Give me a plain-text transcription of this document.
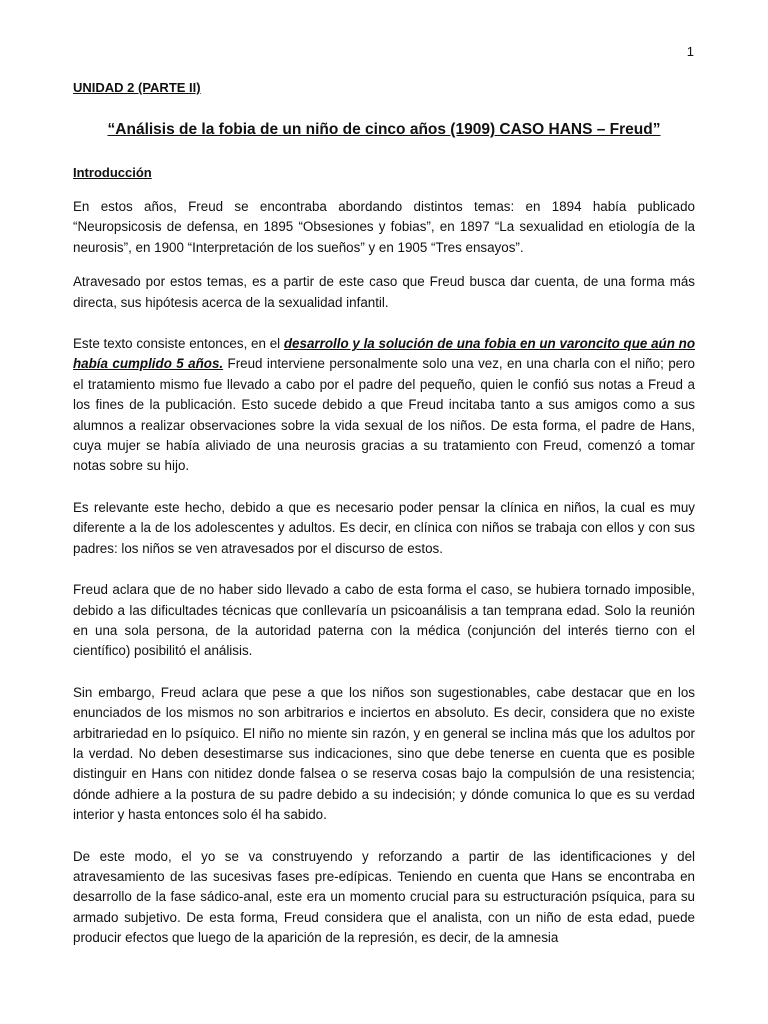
1
UNIDAD 2 (PARTE II)
“Análisis de la fobia de un niño de cinco años (1909) CASO HANS – Freud”
Introducción

En estos años, Freud se encontraba abordando distintos temas: en 1894 había publicado “Neuropsicosis de defensa, en 1895 “Obsesiones y fobias”, en 1897 “La sexualidad en etiología de la neurosis”, en 1900 “Interpretación de los sueños” y en 1905 “Tres ensayos”.

Atravesado por estos temas, es a partir de este caso que Freud busca dar cuenta, de una forma más directa, sus hipótesis acerca de la sexualidad infantil.

Este texto consiste entonces, en el desarrollo y la solución de una fobia en un varoncito que aún no había cumplido 5 años. Freud interviene personalmente solo una vez, en una charla con el niño; pero el tratamiento mismo fue llevado a cabo por el padre del pequeño, quien le confió sus notas a Freud a los fines de la publicación. Esto sucede debido a que Freud incitaba tanto a sus amigos como a sus alumnos a realizar observaciones sobre la vida sexual de los niños. De esta forma, el padre de Hans, cuya mujer se había aliviado de una neurosis gracias a su tratamiento con Freud, comenzó a tomar notas sobre su hijo.

Es relevante este hecho, debido a que es necesario poder pensar la clínica en niños, la cual es muy diferente a la de los adolescentes y adultos. Es decir, en clínica con niños se trabaja con ellos y con sus padres: los niños se ven atravesados por el discurso de estos.

Freud aclara que de no haber sido llevado a cabo de esta forma el caso, se hubiera tornado imposible, debido a las dificultades técnicas que conllevaría un psicoanálisis a tan temprana edad. Solo la reunión en una sola persona, de la autoridad paterna con la médica (conjunción del interés tierno con el científico) posibilitó el análisis.

Sin embargo, Freud aclara que pese a que los niños son sugestionables, cabe destacar que en los enunciados de los mismos no son arbitrarios e inciertos en absoluto. Es decir, considera que no existe arbitrariedad en lo psíquico. El niño no miente sin razón, y en general se inclina más que los adultos por la verdad. No deben desestimarse sus indicaciones, sino que debe tenerse en cuenta que es posible distinguir en Hans con nitidez donde falsea o se reserva cosas bajo la compulsión de una resistencia; dónde adhiere a la postura de su padre debido a su indecisión; y dónde comunica lo que es su verdad interior y hasta entonces solo él ha sabido.

De este modo, el yo se va construyendo y reforzando a partir de las identificaciones y del atravesamiento de las sucesivas fases pre-edípicas. Teniendo en cuenta que Hans se encontraba en desarrollo de la fase sádico-anal, este era un momento crucial para su estructuración psíquica, para su armado subjetivo. De esta forma, Freud considera que el analista, con un niño de esta edad, puede producir efectos que luego de la aparición de la represión, es decir, de la amnesia
